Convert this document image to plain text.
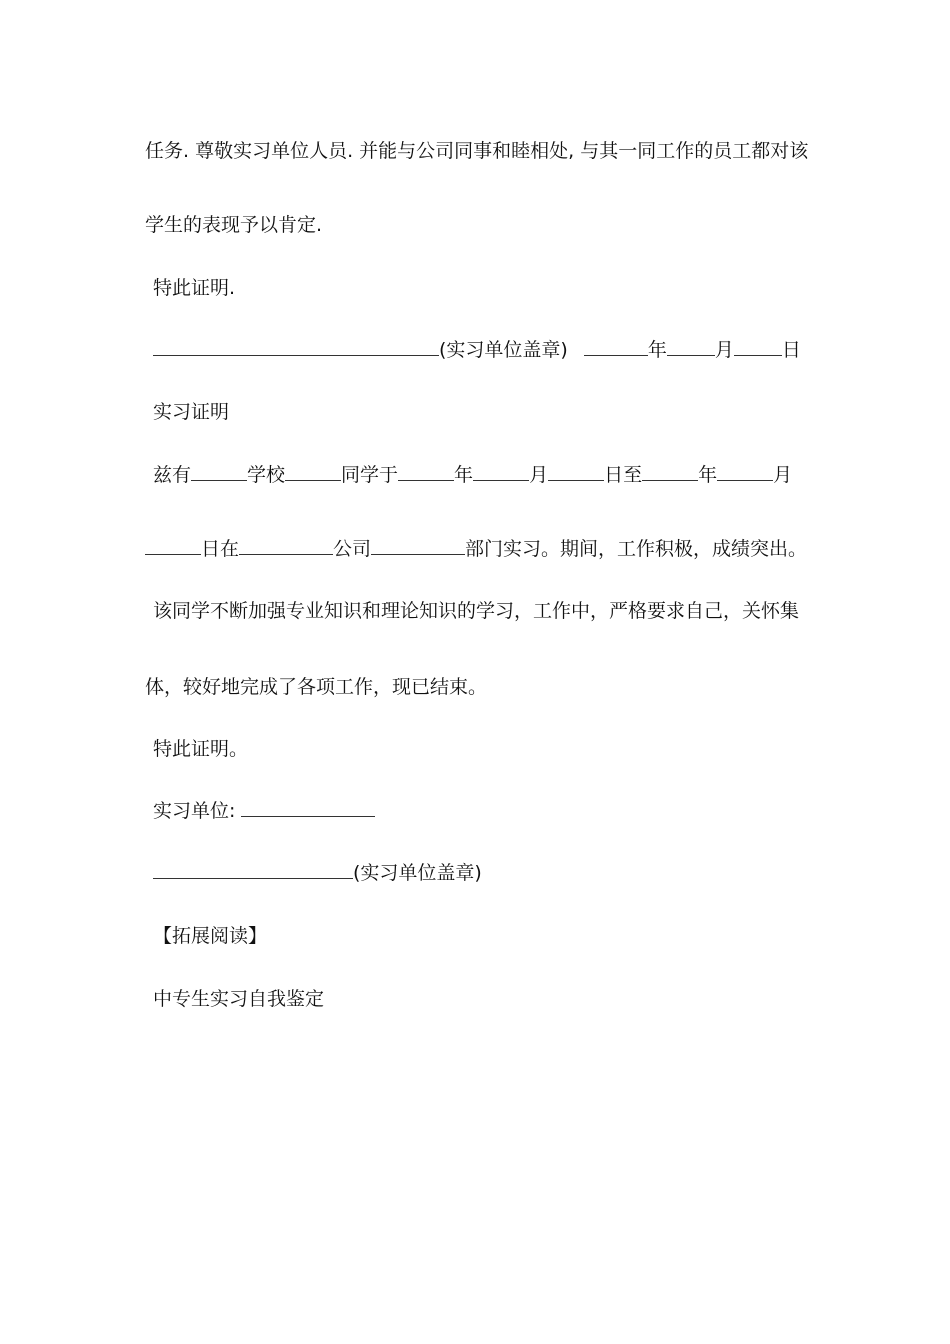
任务. 尊敬实习单位人员. 并能与公司同事和睦相处, 与其一同工作的员工都对该
学生的表现予以肯定.
特此证明.
(实习单位盖章)	年	月	日
实习证明
兹有	学校	同学于	年	月	日至	年	月
日在	公司	部门实习。期间，工作积极，成绩突出。
该同学不断加强专业知识和理论知识的学习，工作中，严格要求自己，关怀集
体，较好地完成了各项工作，现已结束。
特此证明。
实习单位:
(实习单位盖章)
【拓展阅读】
中专生实习自我鉴定
